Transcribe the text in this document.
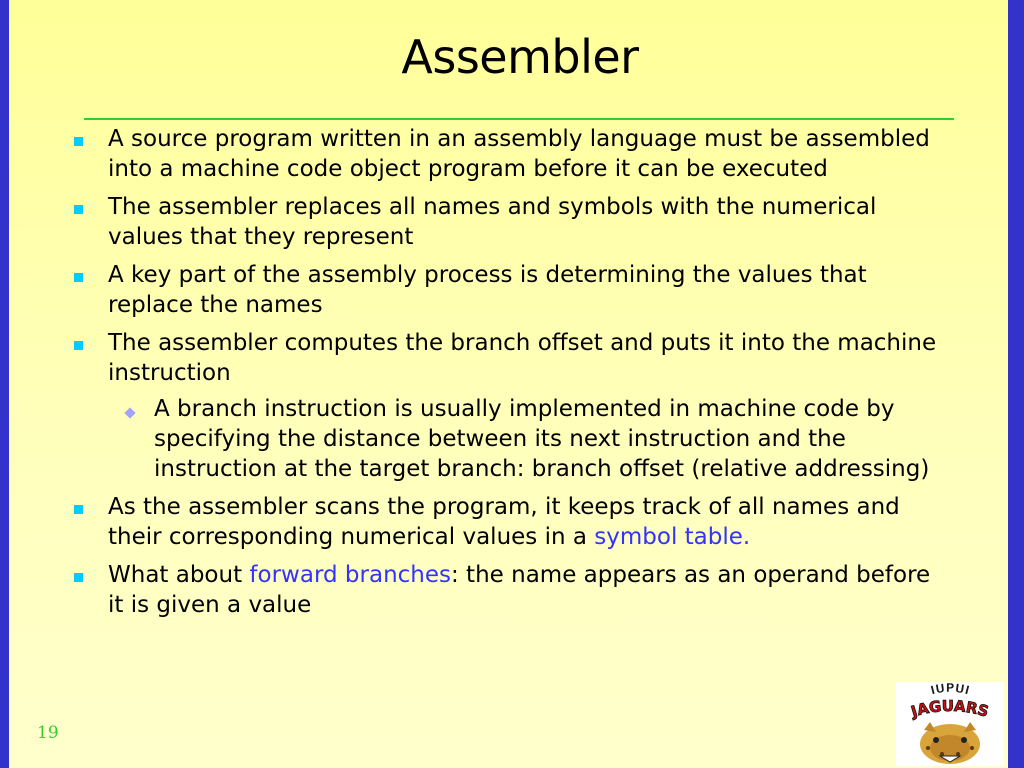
Assembler
A source program written in an assembly language must be assembled into a machine code object program before it can be executed
The assembler replaces all names and symbols with the numerical values that they represent
A key part of the assembly process is determining the values that replace the names
The assembler computes the branch offset and puts it into the machine instruction
A branch instruction is usually implemented in machine code by specifying the distance between its next instruction and the instruction at the target branch: branch offset (relative addressing)
As the assembler scans the program, it keeps track of all names and their corresponding numerical values in a symbol table.
What about forward branches: the name appears as an operand before it is given a value
19
IUPUI
JAGUARS
